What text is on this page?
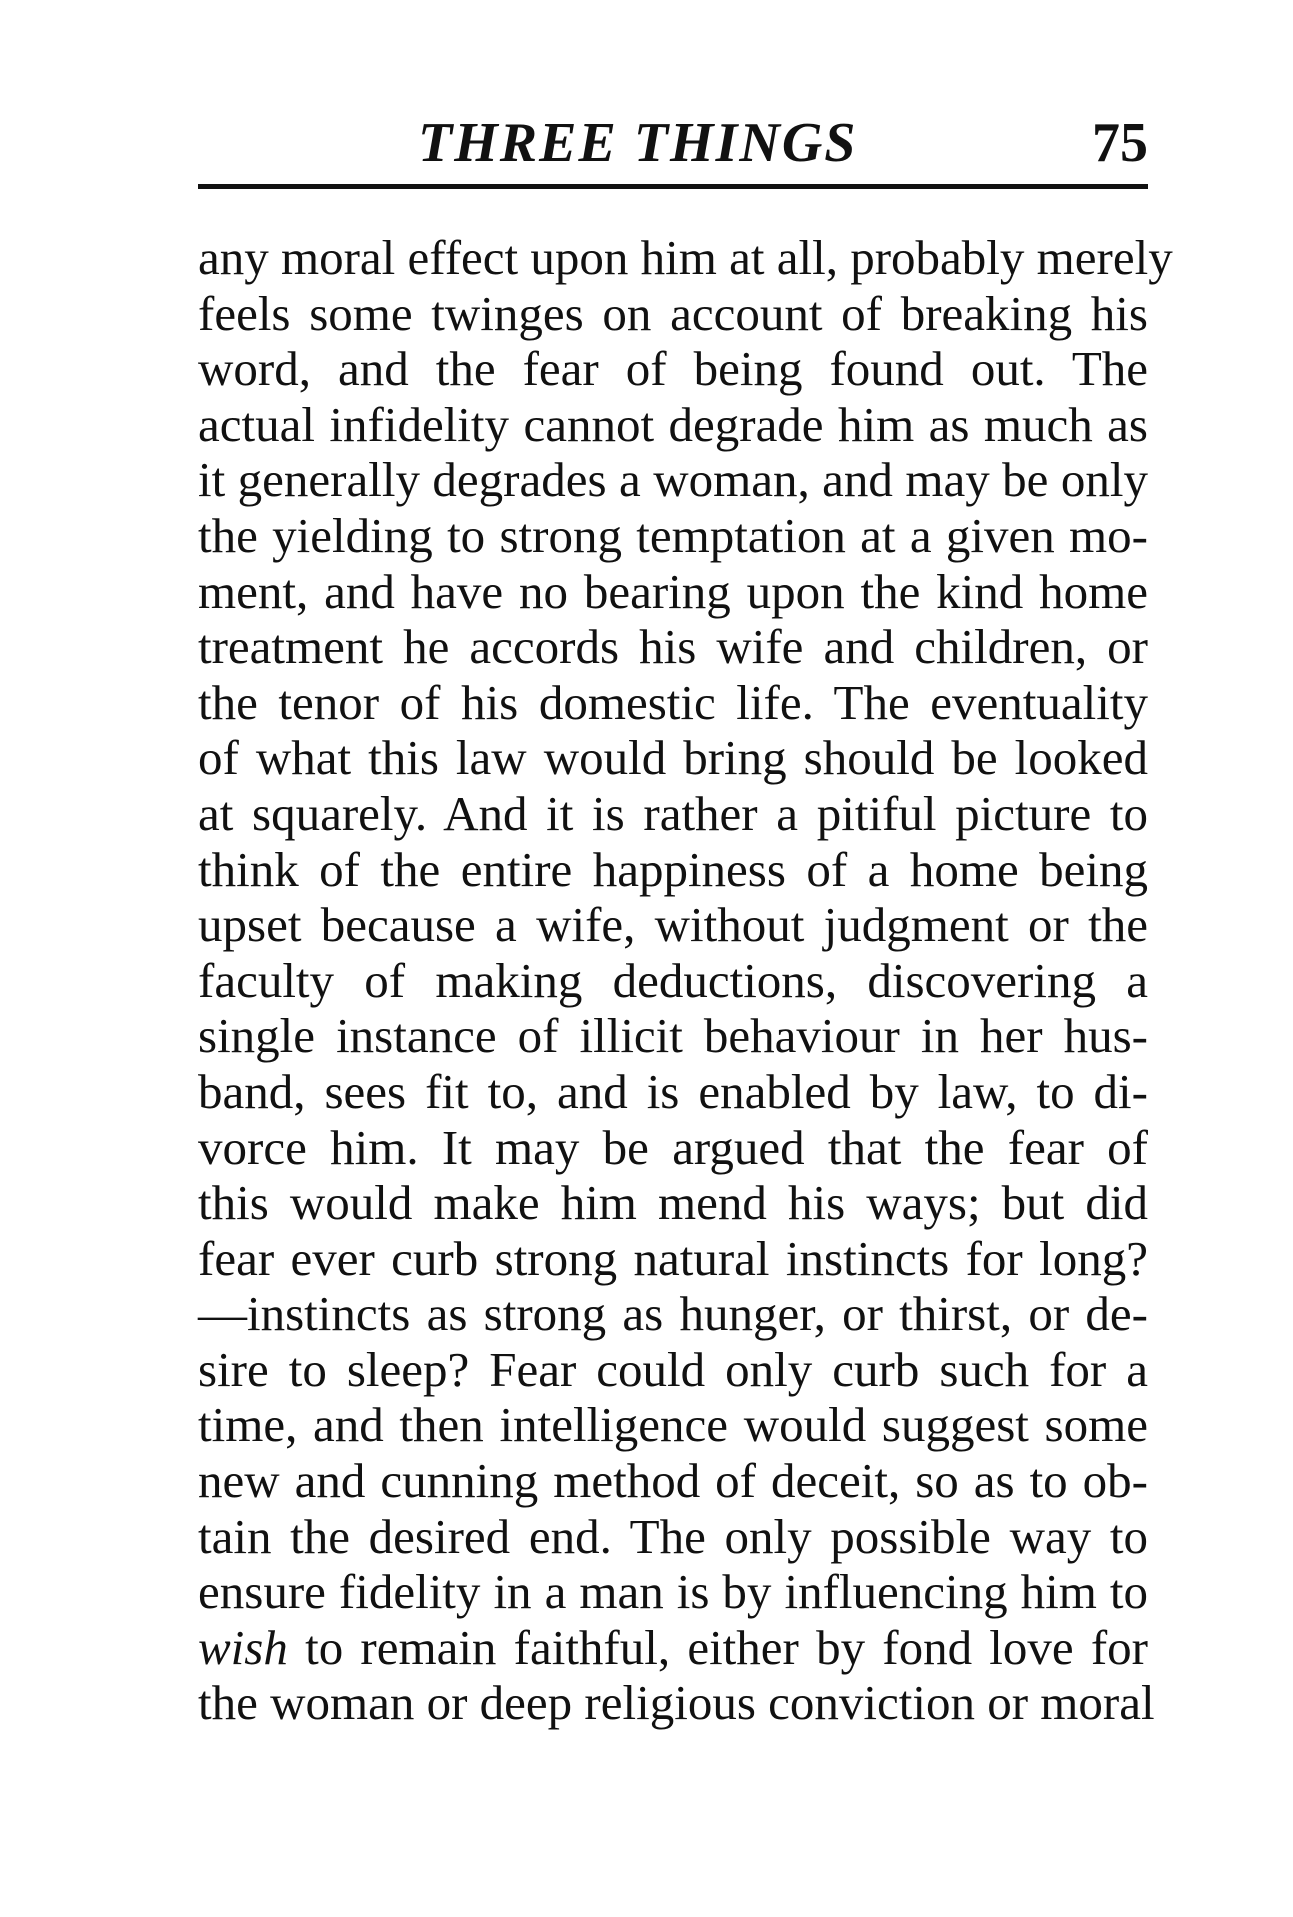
THREE THINGS	75
any moral effect upon him at all, probably merely
feels some twinges on account of breaking his
word, and the fear of being found out. The
actual infidelity cannot degrade him as much as
it generally degrades a woman, and may be only
the yielding to strong temptation at a given mo-
ment, and have no bearing upon the kind home
treatment he accords his wife and children, or
the tenor of his domestic life. The eventuality
of what this law would bring should be looked
at squarely. And it is rather a pitiful picture to
think of the entire happiness of a home being
upset because a wife, without judgment or the
faculty of making deductions, discovering a
single instance of illicit behaviour in her hus-
band, sees fit to, and is enabled by law, to di-
vorce him. It may be argued that the fear of
this would make him mend his ways; but did
fear ever curb strong natural instincts for long?
—instincts as strong as hunger, or thirst, or de-
sire to sleep? Fear could only curb such for a
time, and then intelligence would suggest some
new and cunning method of deceit, so as to ob-
tain the desired end. The only possible way to
ensure fidelity in a man is by influencing him to
wish to remain faithful, either by fond love for
the woman or deep religious conviction or moral
